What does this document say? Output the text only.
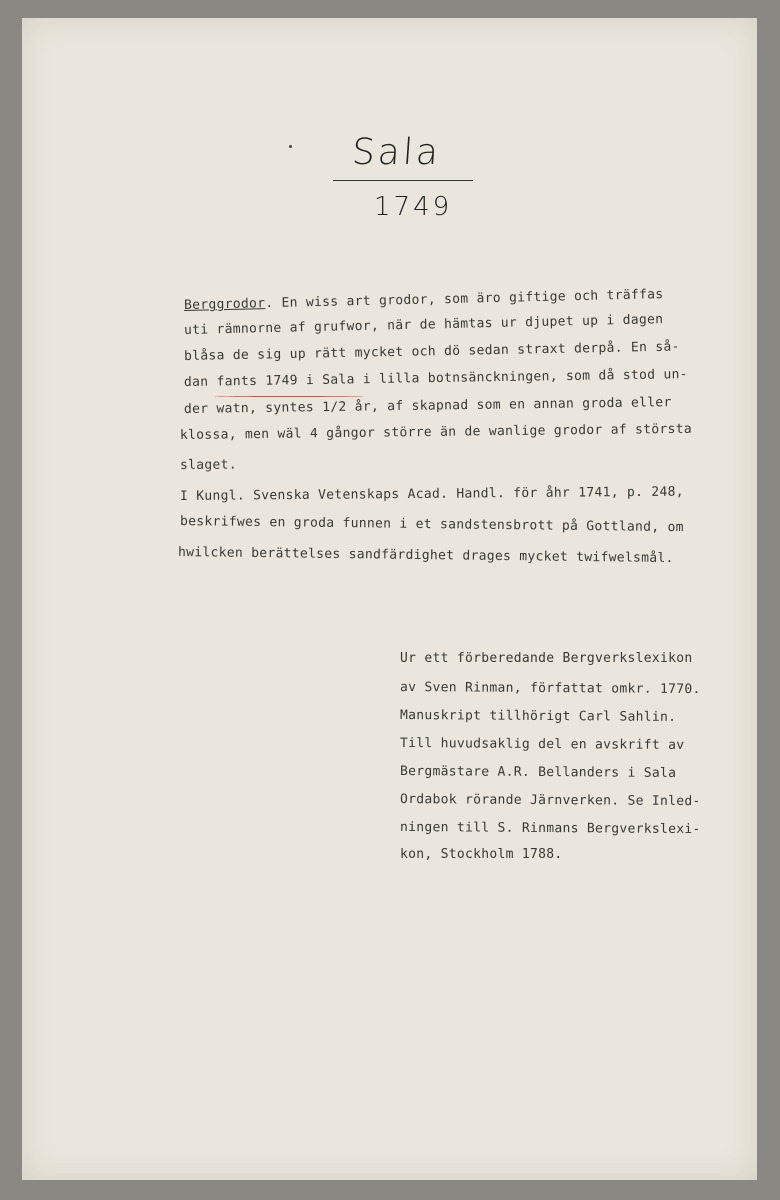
Sala
1749
Berggrodor. En wiss art grodor, som äro giftige och träffas
uti rämnorne af grufwor, när de hämtas ur djupet up i dagen
blåsa de sig up rätt mycket och dö sedan straxt derpå. En så-
dan fants 1749 i Sala i lilla botnsänckningen, som då stod un-
der watn, syntes 1/2 år, af skapnad som en annan groda eller
klossa, men wäl 4 gångor större än de wanlige grodor af största
slaget.
I Kungl. Svenska Vetenskaps Acad. Handl. för åhr 1741, p. 248,
beskrifwes en groda funnen i et sandstensbrott på Gottland, om
hwilcken berättelses sandfärdighet drages mycket twifwelsmål.
Ur ett förberedande Bergverkslexikon
av Sven Rinman, författat omkr. 1770.
Manuskript tillhörigt Carl Sahlin.
Till huvudsaklig del en avskrift av
Bergmästare A.R. Bellanders i Sala
Ordabok rörande Järnverken. Se Inled-
ningen till S. Rinmans Bergverkslexi-
kon, Stockholm 1788.
